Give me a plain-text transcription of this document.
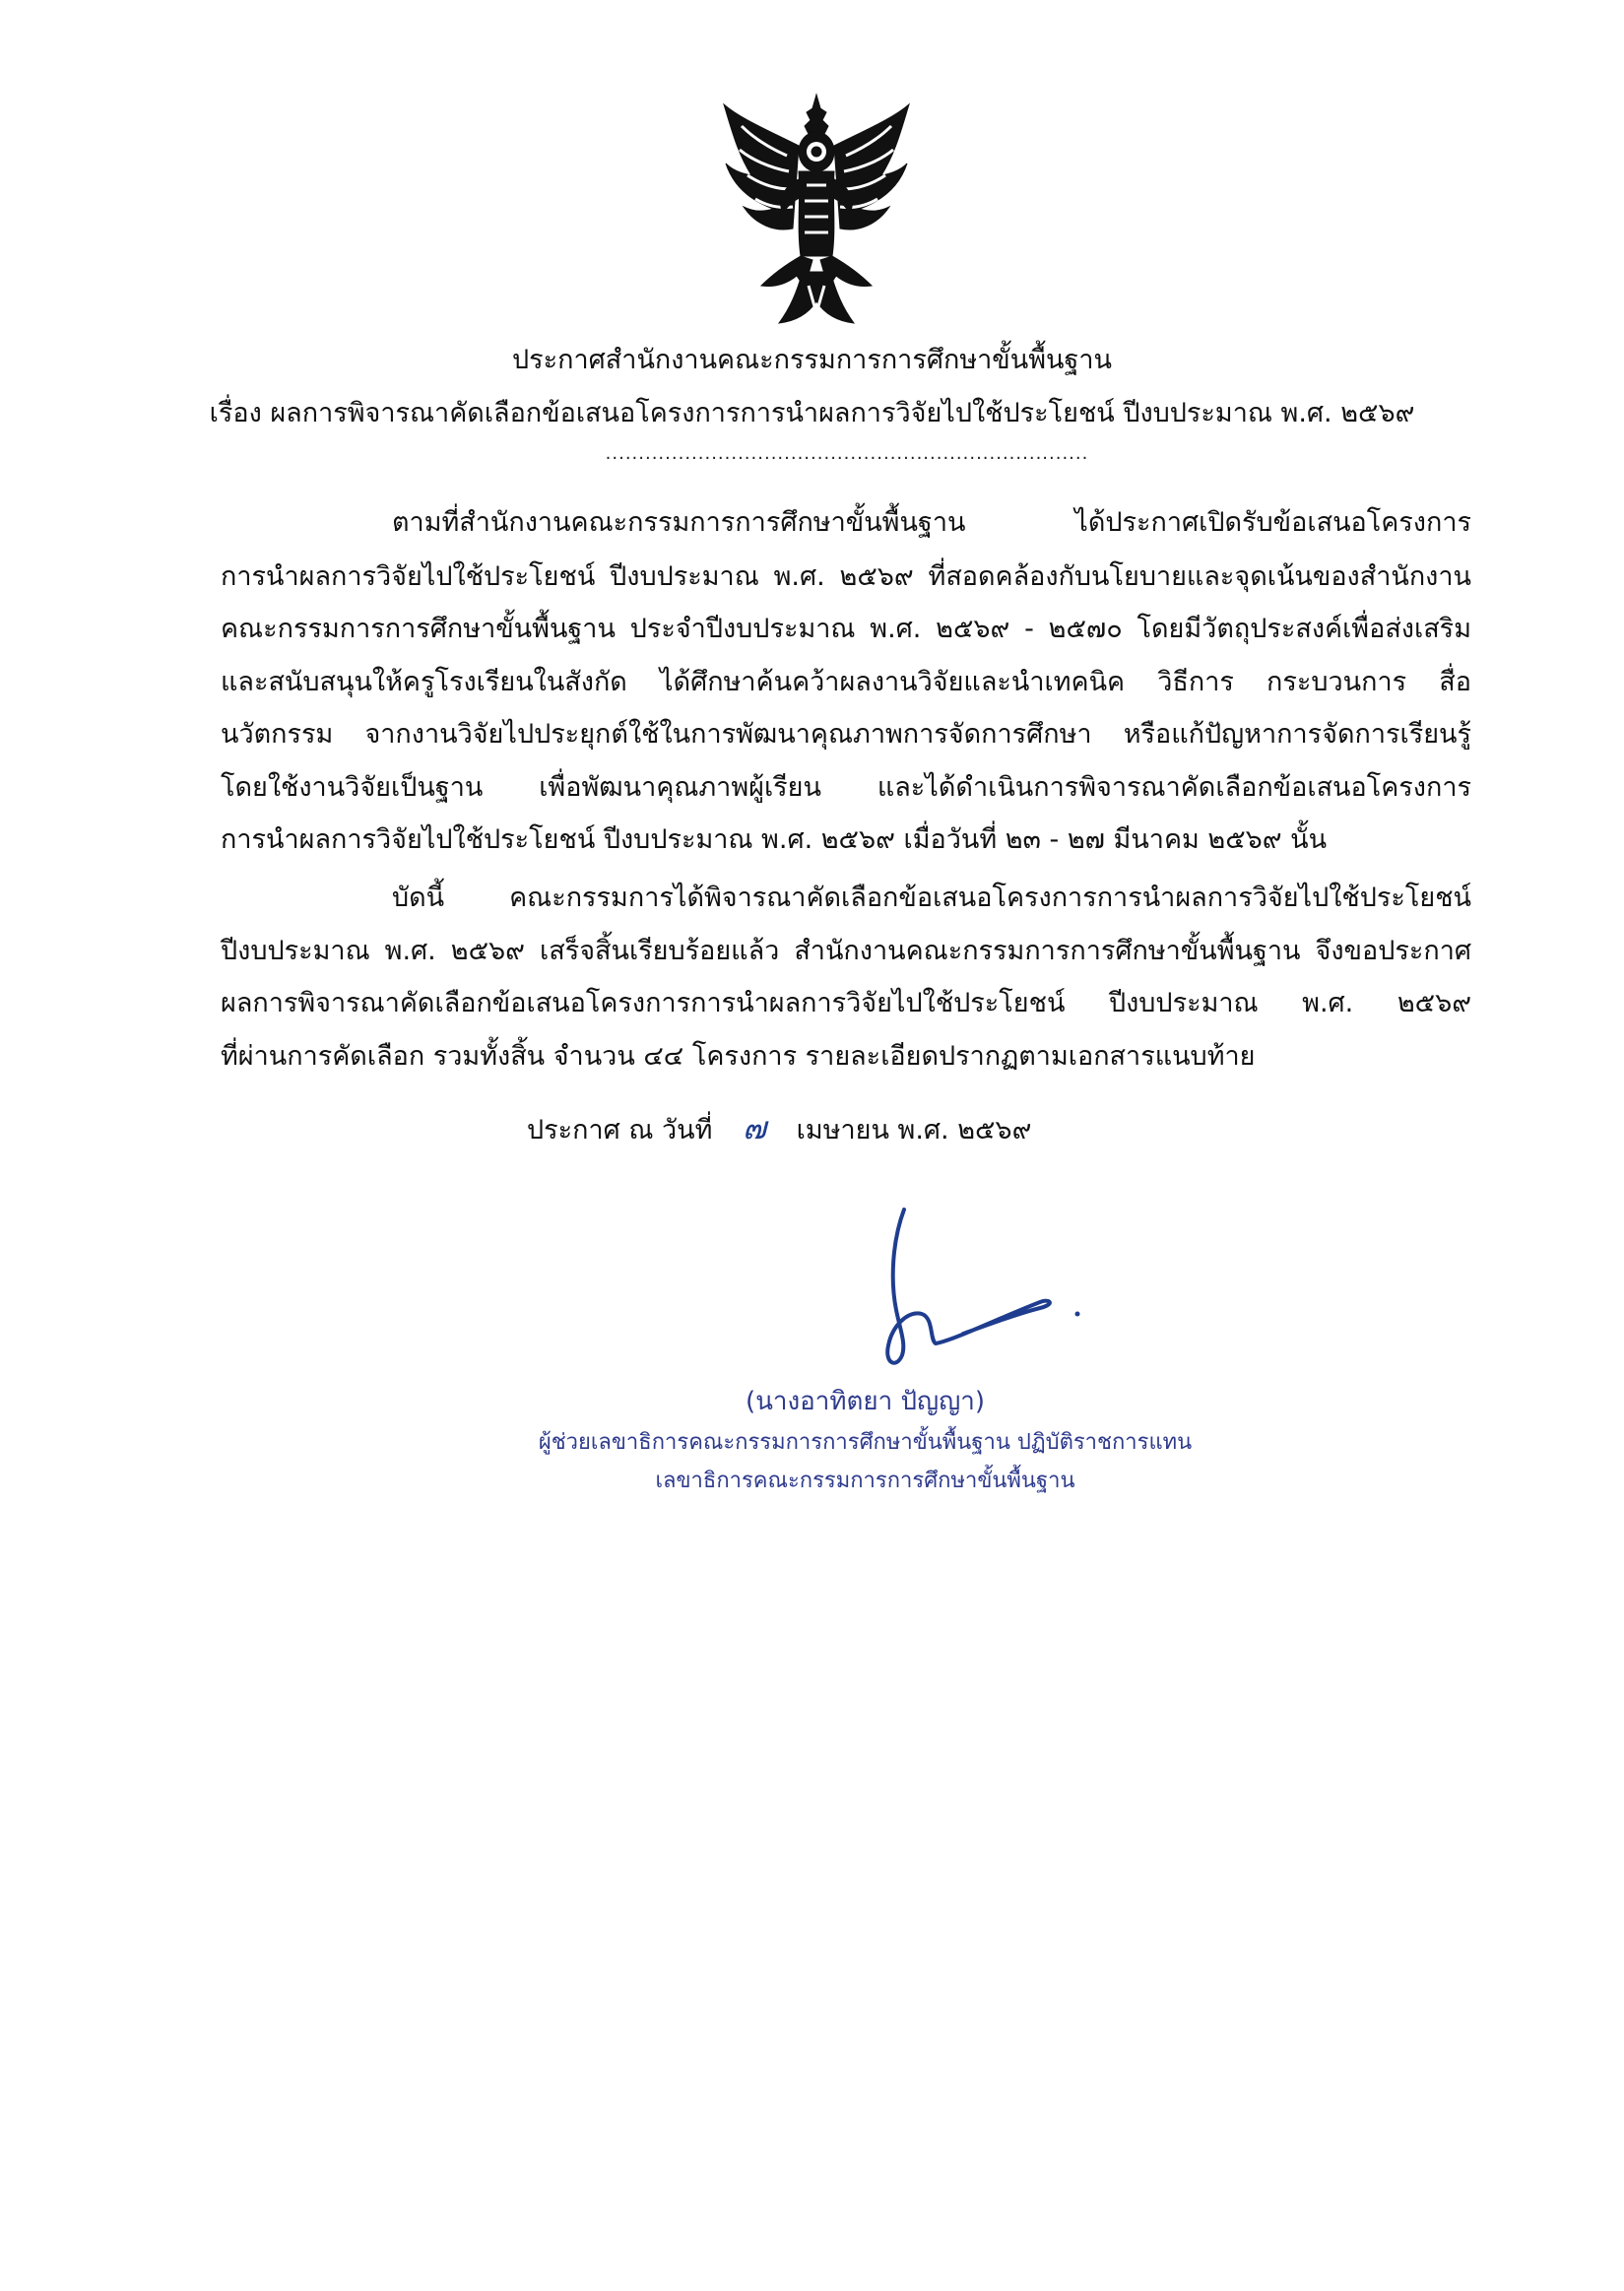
ประกาศสำนักงานคณะกรรมการการศึกษาขั้นพื้นฐาน
เรื่อง ผลการพิจารณาคัดเลือกข้อเสนอโครงการการนำผลการวิจัยไปใช้ประโยชน์ ปีงบประมาณ พ.ศ. ๒๕๖๙
.........................................................................
ตามที่สำนักงานคณะกรรมการการศึกษาขั้นพื้นฐาน ได้ประกาศเปิดรับข้อเสนอโครงการ
การนำผลการวิจัยไปใช้ประโยชน์ ปีงบประมาณ พ.ศ. ๒๕๖๙ ที่สอดคล้องกับนโยบายและจุดเน้นของสำนักงาน
คณะกรรมการการศึกษาขั้นพื้นฐาน ประจำปีงบประมาณ พ.ศ. ๒๕๖๙ - ๒๕๗๐ โดยมีวัตถุประสงค์เพื่อส่งเสริม
และสนับสนุนให้ครูโรงเรียนในสังกัด ได้ศึกษาค้นคว้าผลงานวิจัยและนำเทคนิค วิธีการ กระบวนการ สื่อ
นวัตกรรม จากงานวิจัยไปประยุกต์ใช้ในการพัฒนาคุณภาพการจัดการศึกษา หรือแก้ปัญหาการจัดการเรียนรู้
โดยใช้งานวิจัยเป็นฐาน เพื่อพัฒนาคุณภาพผู้เรียน และได้ดำเนินการพิจารณาคัดเลือกข้อเสนอโครงการ
การนำผลการวิจัยไปใช้ประโยชน์ ปีงบประมาณ พ.ศ. ๒๕๖๙ เมื่อวันที่ ๒๓ - ๒๗ มีนาคม ๒๕๖๙ นั้น
บัดนี้ คณะกรรมการได้พิจารณาคัดเลือกข้อเสนอโครงการการนำผลการวิจัยไปใช้ประโยชน์
ปีงบประมาณ พ.ศ. ๒๕๖๙ เสร็จสิ้นเรียบร้อยแล้ว สำนักงานคณะกรรมการการศึกษาขั้นพื้นฐาน จึงขอประกาศ
ผลการพิจารณาคัดเลือกข้อเสนอโครงการการนำผลการวิจัยไปใช้ประโยชน์ ปีงบประมาณ พ.ศ. ๒๕๖๙
ที่ผ่านการคัดเลือก รวมทั้งสิ้น จำนวน ๔๔ โครงการ รายละเอียดปรากฏตามเอกสารแนบท้าย
ประกาศ ณ วันที่ ๗ เมษายน พ.ศ. ๒๕๖๙
(นางอาทิตยา ปัญญา)
ผู้ช่วยเลขาธิการคณะกรรมการการศึกษาขั้นพื้นฐาน ปฏิบัติราชการแทน
เลขาธิการคณะกรรมการการศึกษาขั้นพื้นฐาน
